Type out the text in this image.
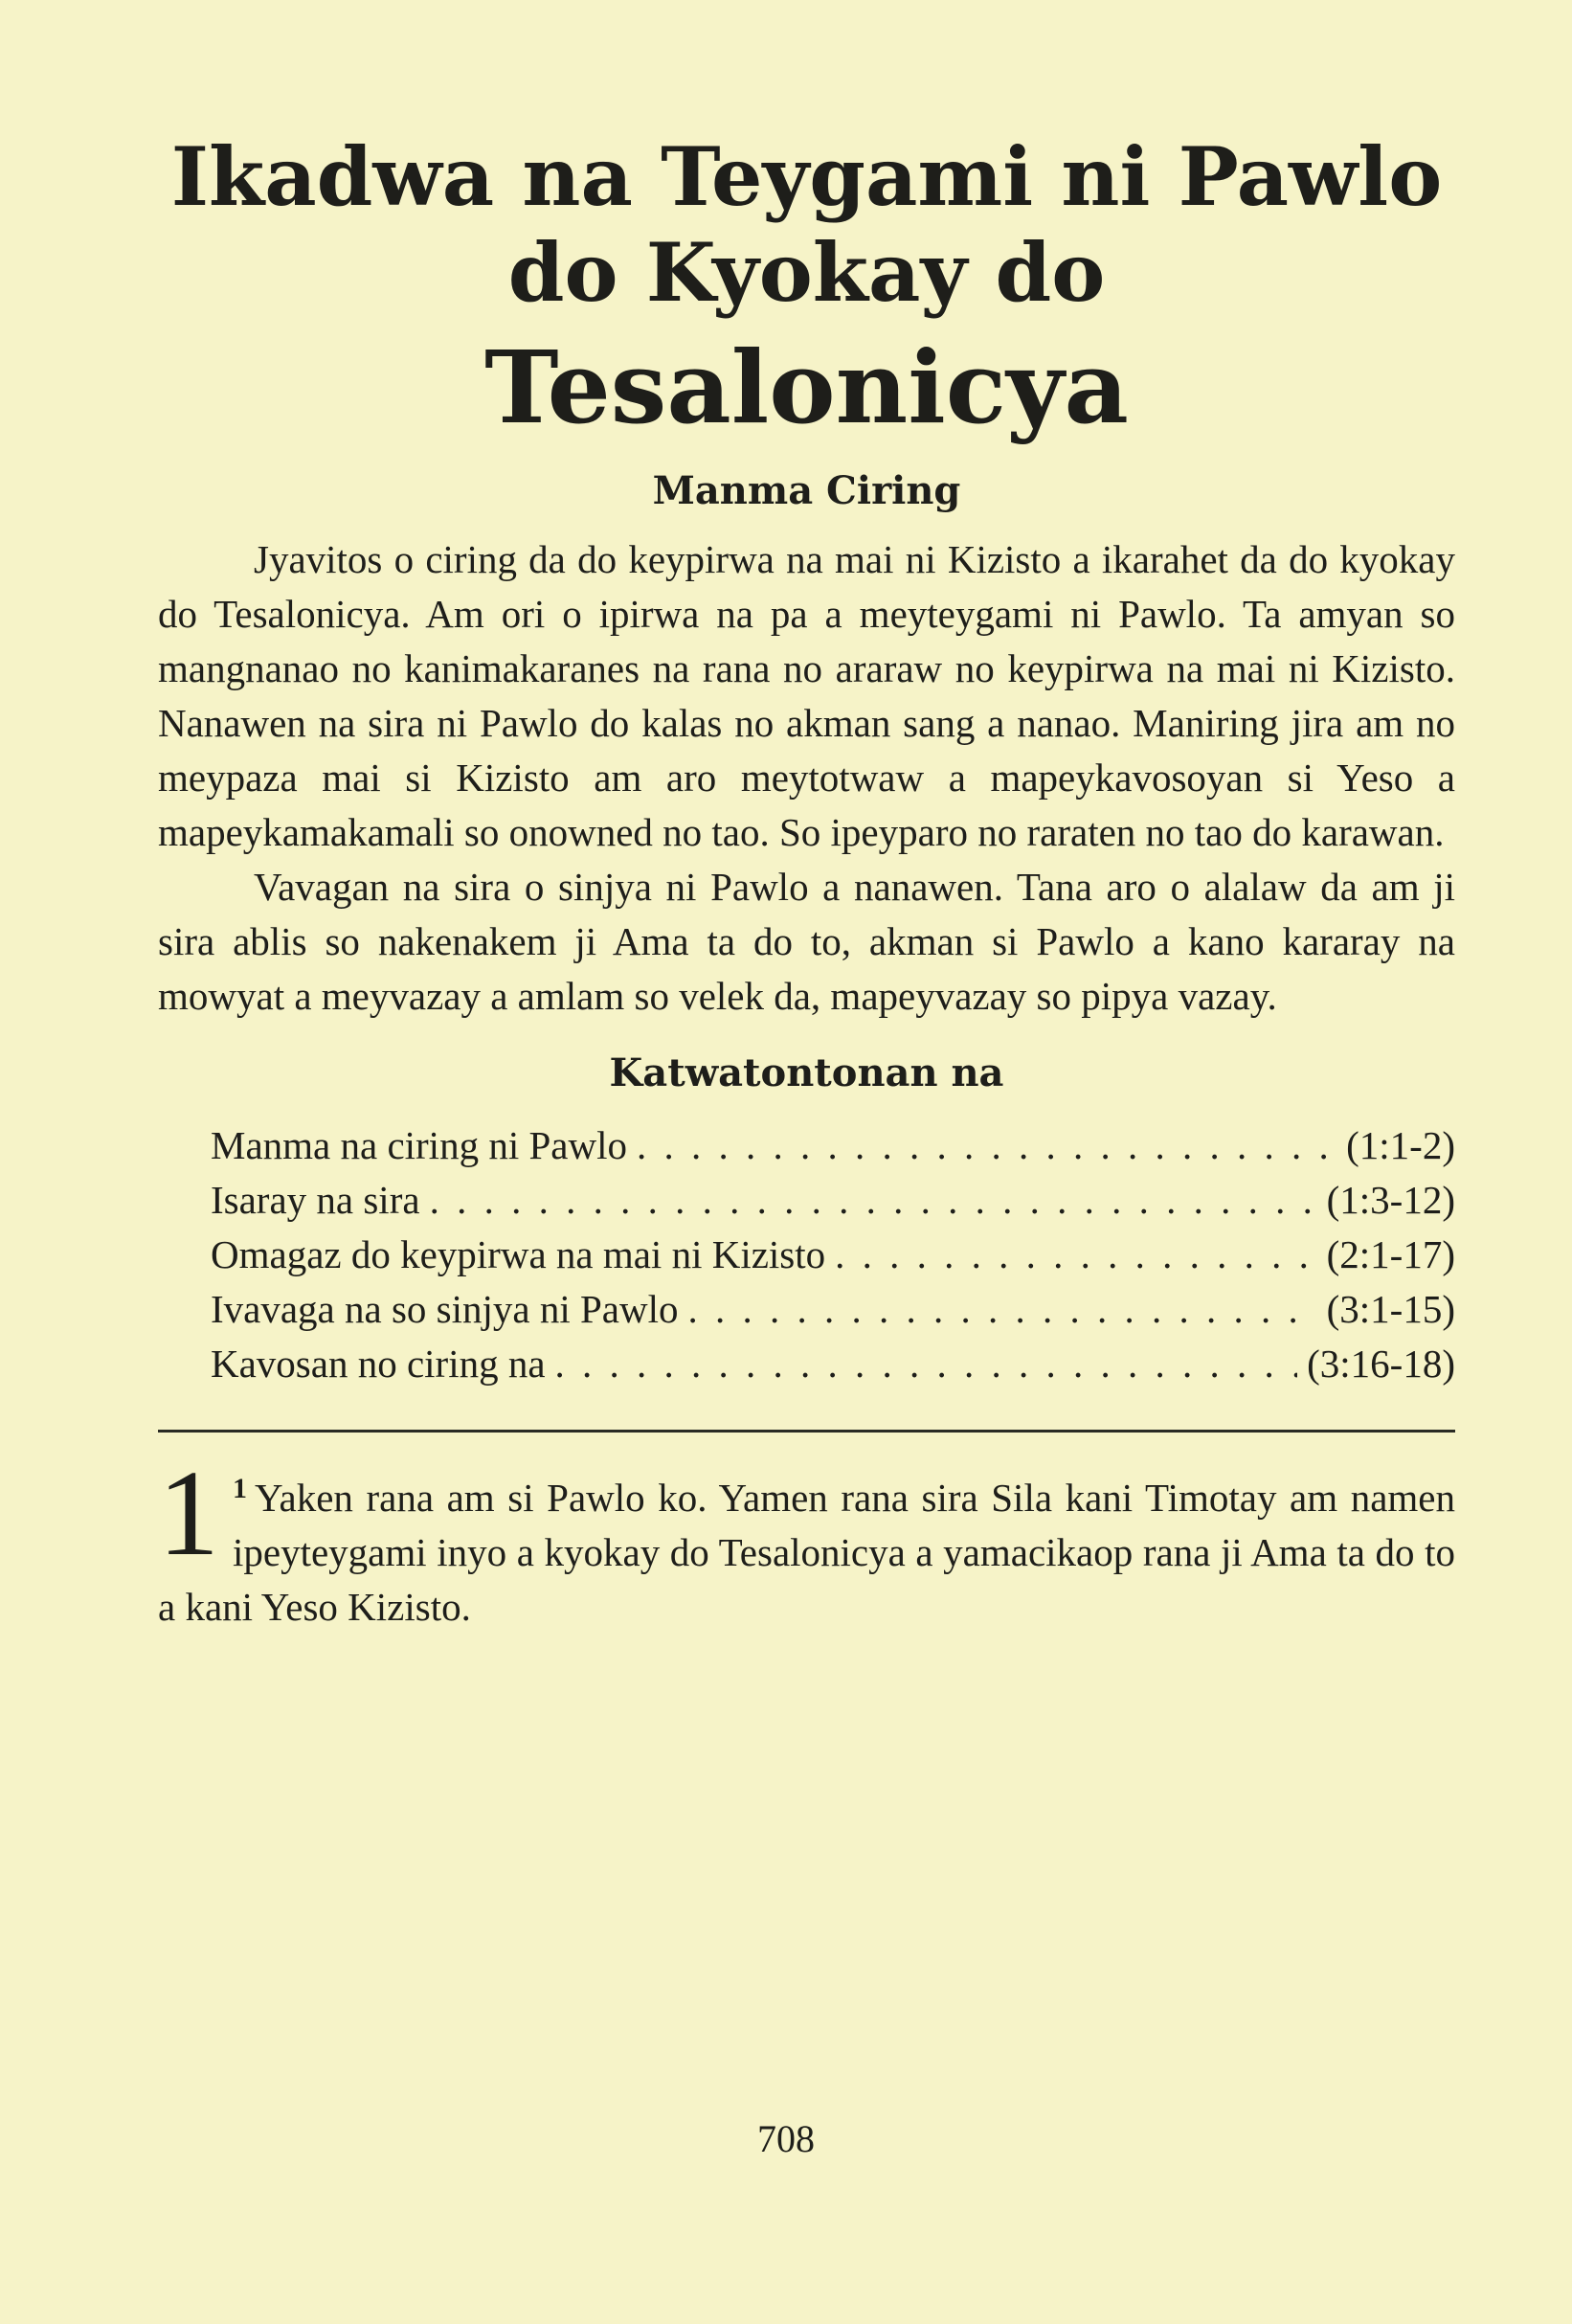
Ikadwa na Teygami ni Pawlo
do Kyokay do
Tesalonicya
Manma Ciring

Jyavitos o ciring da do keypirwa na mai ni Kizisto a ikarahet da do kyokay do Tesalonicya. Am ori o ipirwa na pa a meyteygami ni Pawlo. Ta amyan so mangnanao no kanimakaranes na rana no araraw no keypirwa na mai ni Kizisto. Nanawen na sira ni Pawlo do kalas no akman sang a nanao. Maniring jira am no meypaza mai si Kizisto am aro meytotwaw a mapeykavosoyan si Yeso a mapeykamakamali so onowned no tao. So ipeyparo no raraten no tao do karawan.

Vavagan na sira o sinjya ni Pawlo a nanawen. Tana aro o alalaw da am ji sira ablis so nakenakem ji Ama ta do to, akman si Pawlo a kano kararay na mowyat a meyvazay a amlam so velek da, mapeyvazay so pipya vazay.

Katwatontonan na
Manma na ciring ni Pawlo . . .	(1:1-2)
Isaray na sira . . .	(1:3-12)
Omagaz do keypirwa na mai ni Kizisto . . .	(2:1-17)
Ivavaga na so sinjya ni Pawlo . . .	(3:1-15)
Kavosan no ciring na . . .	(3:16-18)
1 $^1$ Yaken rana am si Pawlo ko. Yamen rana sira Sila kani Timotay am namen ipeyteygami inyo a kyokay do Tesalonicya a yamacikaop rana ji Ama ta do to a kani Yeso Kizisto.
708
